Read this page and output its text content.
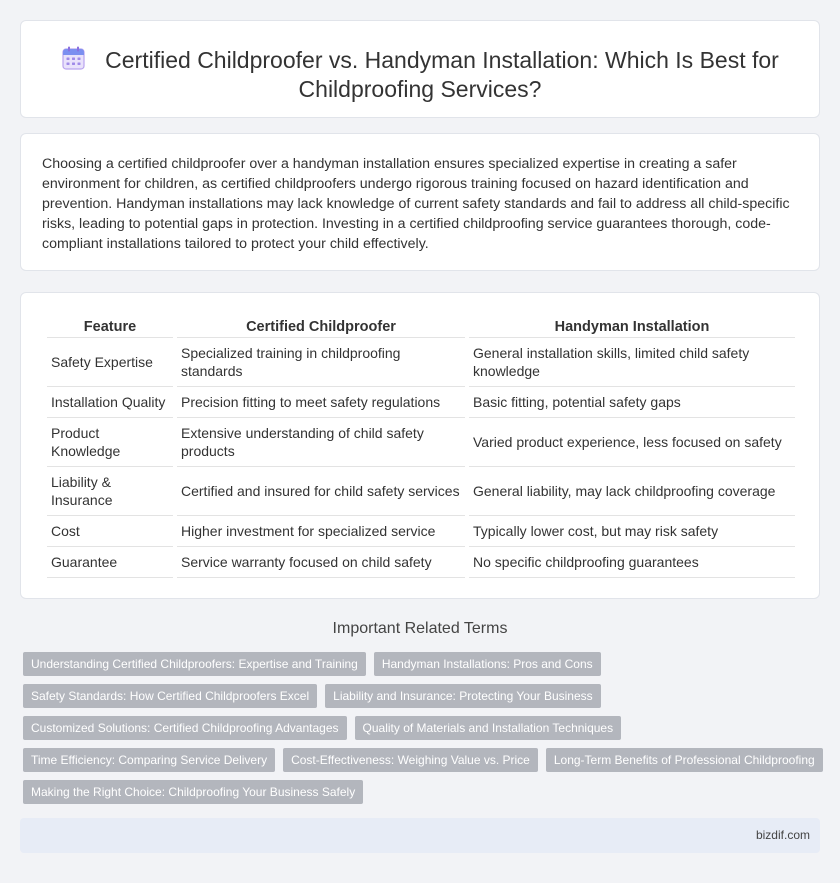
Certified Childproofer vs. Handyman Installation: Which Is Best for Childproofing Services?

Choosing a certified childproofer over a handyman installation ensures specialized expertise in creating a safer environment for children, as certified childproofers undergo rigorous training focused on hazard identification and prevention. Handyman installations may lack knowledge of current safety standards and fail to address all child-specific risks, leading to potential gaps in protection. Investing in a certified childproofing service guarantees thorough, code-compliant installations tailored to protect your child effectively.

Feature	Certified Childproofer	Handyman Installation
Safety Expertise	Specialized training in childproofing standards	General installation skills, limited child safety knowledge
Installation Quality	Precision fitting to meet safety regulations	Basic fitting, potential safety gaps
Product Knowledge	Extensive understanding of child safety products	Varied product experience, less focused on safety
Liability & Insurance	Certified and insured for child safety services	General liability, may lack childproofing coverage
Cost	Higher investment for specialized service	Typically lower cost, but may risk safety
Guarantee	Service warranty focused on child safety	No specific childproofing guarantees
Important Related Terms
Understanding Certified Childproofers: Expertise and Training	Handyman Installations: Pros and Cons
Safety Standards: How Certified Childproofers Excel	Liability and Insurance: Protecting Your Business
Customized Solutions: Certified Childproofing Advantages	Quality of Materials and Installation Techniques
Time Efficiency: Comparing Service Delivery	Cost-Effectiveness: Weighing Value vs. Price	Long-Term Benefits of Professional Childproofing
Making the Right Choice: Childproofing Your Business Safely
bizdif.com
